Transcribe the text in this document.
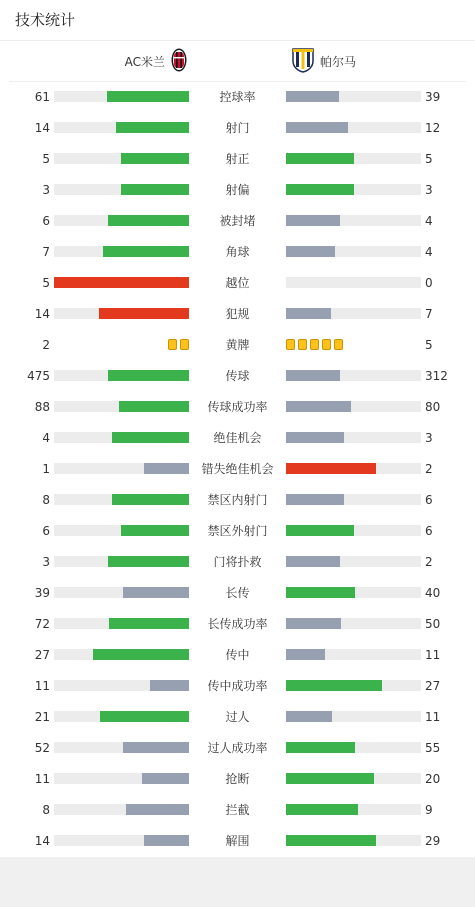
技术统计
AC米兰	帕尔马
61	控球率	39
14	射门	12
5	射正	5
3	射偏	3
6	被封堵	4
7	角球	4
5	越位	0
14	犯规	7
2	黄牌	5
475	传球	312
88	传球成功率	80
4	绝佳机会	3
1	错失绝佳机会	2
8	禁区内射门	6
6	禁区外射门	6
3	门将扑救	2
39	长传	40
72	长传成功率	50
27	传中	11
11	传中成功率	27
21	过人	11
52	过人成功率	55
11	抢断	20
8	拦截	9
14	解围	29
